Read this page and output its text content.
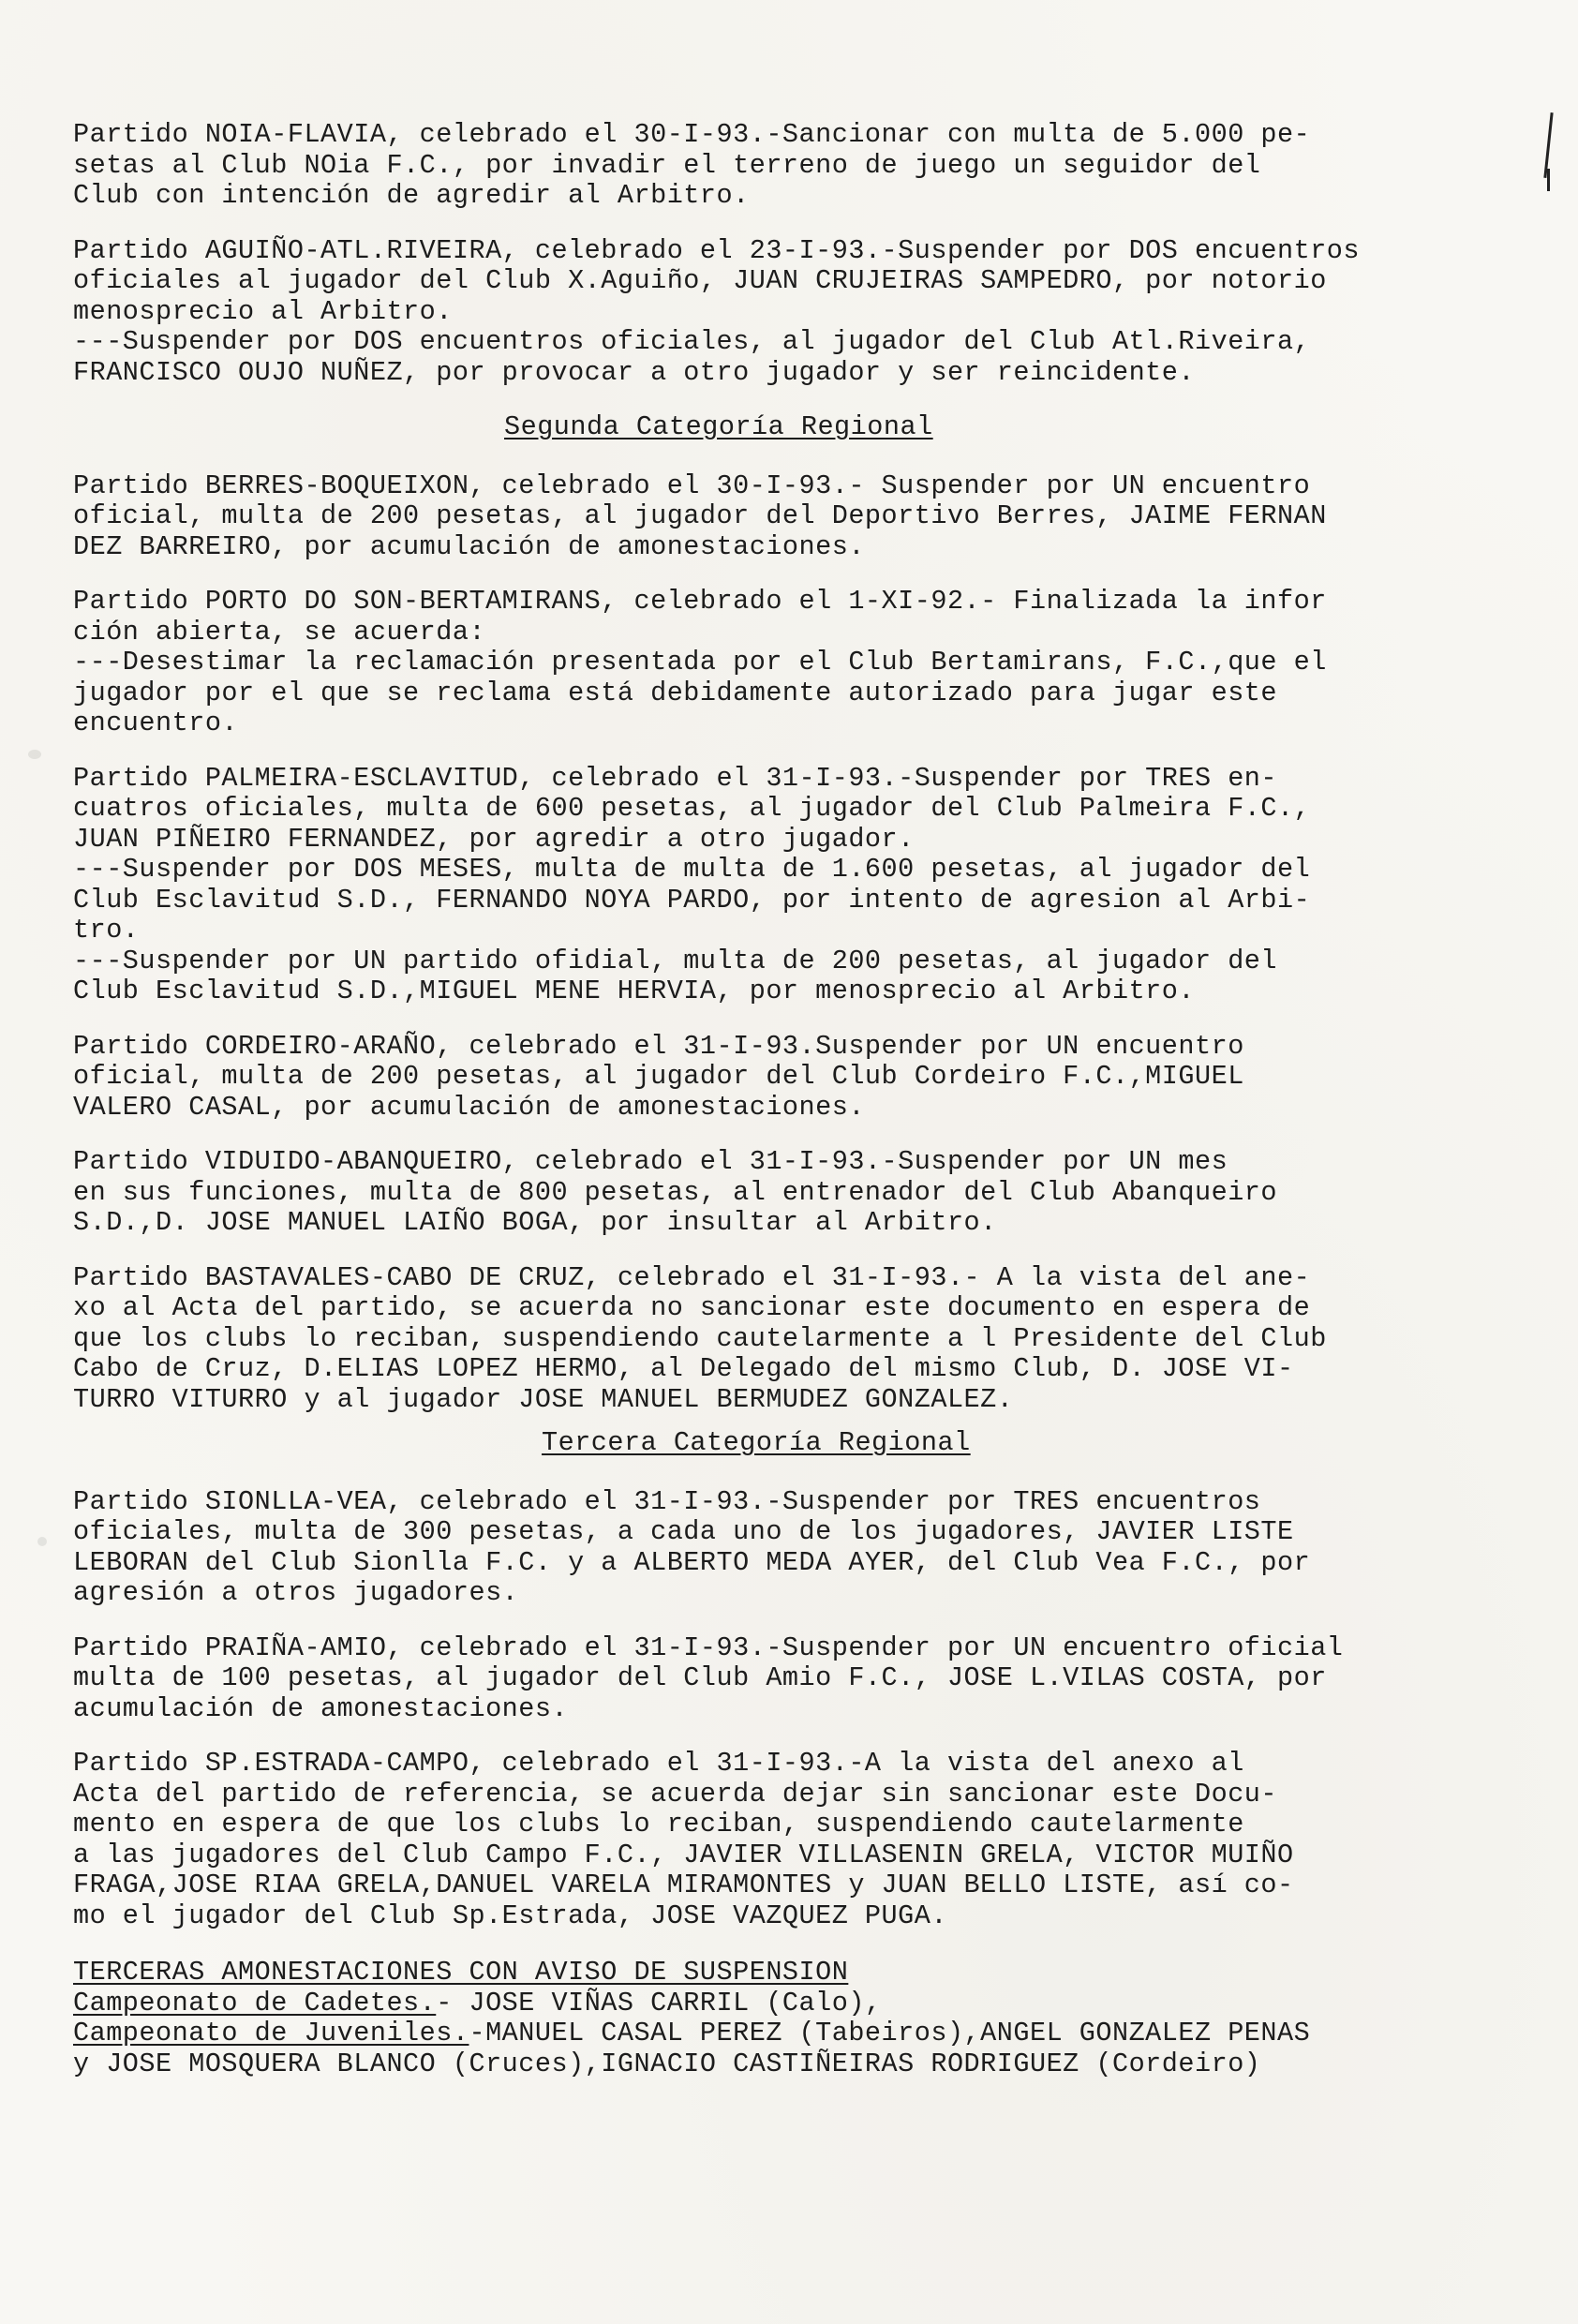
Partido NOIA-FLAVIA, celebrado el 30-I-93.-Sancionar con multa de 5.000 pe-
setas al Club NOia F.C., por invadir el terreno de juego un seguidor del
Club con intención de agredir al Arbitro.
Partido AGUIÑO-ATL.RIVEIRA, celebrado el 23-I-93.-Suspender por DOS encuentros
oficiales al jugador del Club X.Aguiño, JUAN CRUJEIRAS SAMPEDRO, por notorio
menosprecio al Arbitro.
---Suspender por DOS encuentros oficiales, al jugador del Club Atl.Riveira,
FRANCISCO OUJO NUÑEZ, por provocar a otro jugador y ser reincidente.
Segunda Categoría Regional
Partido BERRES-BOQUEIXON, celebrado el 30-I-93.- Suspender por UN encuentro
oficial, multa de 200 pesetas, al jugador del Deportivo Berres, JAIME FERNAN
DEZ BARREIRO, por acumulación de amonestaciones.
Partido PORTO DO SON-BERTAMIRANS, celebrado el 1-XI-92.- Finalizada la infor
ción abierta, se acuerda:
---Desestimar la reclamación presentada por el Club Bertamirans, F.C.,que el
jugador por el que se reclama está debidamente autorizado para jugar este
encuentro.
Partido PALMEIRA-ESCLAVITUD, celebrado el 31-I-93.-Suspender por TRES en-
cuatros oficiales, multa de 600 pesetas, al jugador del Club Palmeira F.C.,
JUAN PIÑEIRO FERNANDEZ, por agredir a otro jugador.
---Suspender por DOS MESES, multa de multa de 1.600 pesetas, al jugador del
Club Esclavitud S.D., FERNANDO NOYA PARDO, por intento de agresion al Arbi-
tro.
---Suspender por UN partido ofidial, multa de 200 pesetas, al jugador del
Club Esclavitud S.D.,MIGUEL MENE HERVIA, por menosprecio al Arbitro.
Partido CORDEIRO-ARAÑO, celebrado el 31-I-93.Suspender por UN encuentro
oficial, multa de 200 pesetas, al jugador del Club Cordeiro F.C.,MIGUEL
VALERO CASAL, por acumulación de amonestaciones.
Partido VIDUIDO-ABANQUEIRO, celebrado el 31-I-93.-Suspender por UN mes
en sus funciones, multa de 800 pesetas, al entrenador del Club Abanqueiro
S.D.,D. JOSE MANUEL LAIÑO BOGA, por insultar al Arbitro.
Partido BASTAVALES-CABO DE CRUZ, celebrado el 31-I-93.- A la vista del ane-
xo al Acta del partido, se acuerda no sancionar este documento en espera de
que los clubs lo reciban, suspendiendo cautelarmente a l Presidente del Club
Cabo de Cruz, D.ELIAS LOPEZ HERMO, al Delegado del mismo Club, D. JOSE VI-
TURRO VITURRO y al jugador JOSE MANUEL BERMUDEZ GONZALEZ.
Tercera Categoría Regional
Partido SIONLLA-VEA, celebrado el 31-I-93.-Suspender por TRES encuentros
oficiales, multa de 300 pesetas, a cada uno de los jugadores, JAVIER LISTE
LEBORAN del Club Sionlla F.C. y a ALBERTO MEDA AYER, del Club Vea F.C., por
agresión a otros jugadores.
Partido PRAIÑA-AMIO, celebrado el 31-I-93.-Suspender por UN encuentro oficial
multa de 100 pesetas, al jugador del Club Amio F.C., JOSE L.VILAS COSTA, por
acumulación de amonestaciones.
Partido SP.ESTRADA-CAMPO, celebrado el 31-I-93.-A la vista del anexo al
Acta del partido de referencia, se acuerda dejar sin sancionar este Docu-
mento en espera de que los clubs lo reciban, suspendiendo cautelarmente
a las jugadores del Club Campo F.C., JAVIER VILLASENIN GRELA, VICTOR MUIÑO
FRAGA,JOSE RIAA GRELA,DANUEL VARELA MIRAMONTES y JUAN BELLO LISTE, así co-
mo el jugador del Club Sp.Estrada, JOSE VAZQUEZ PUGA.
TERCERAS AMONESTACIONES CON AVISO DE SUSPENSION
Campeonato de Cadetes.- JOSE VIÑAS CARRIL (Calo),
Campeonato de Juveniles.-MANUEL CASAL PEREZ (Tabeiros),ANGEL GONZALEZ PENAS
y JOSE MOSQUERA BLANCO (Cruces),IGNACIO CASTIÑEIRAS RODRIGUEZ (Cordeiro)
